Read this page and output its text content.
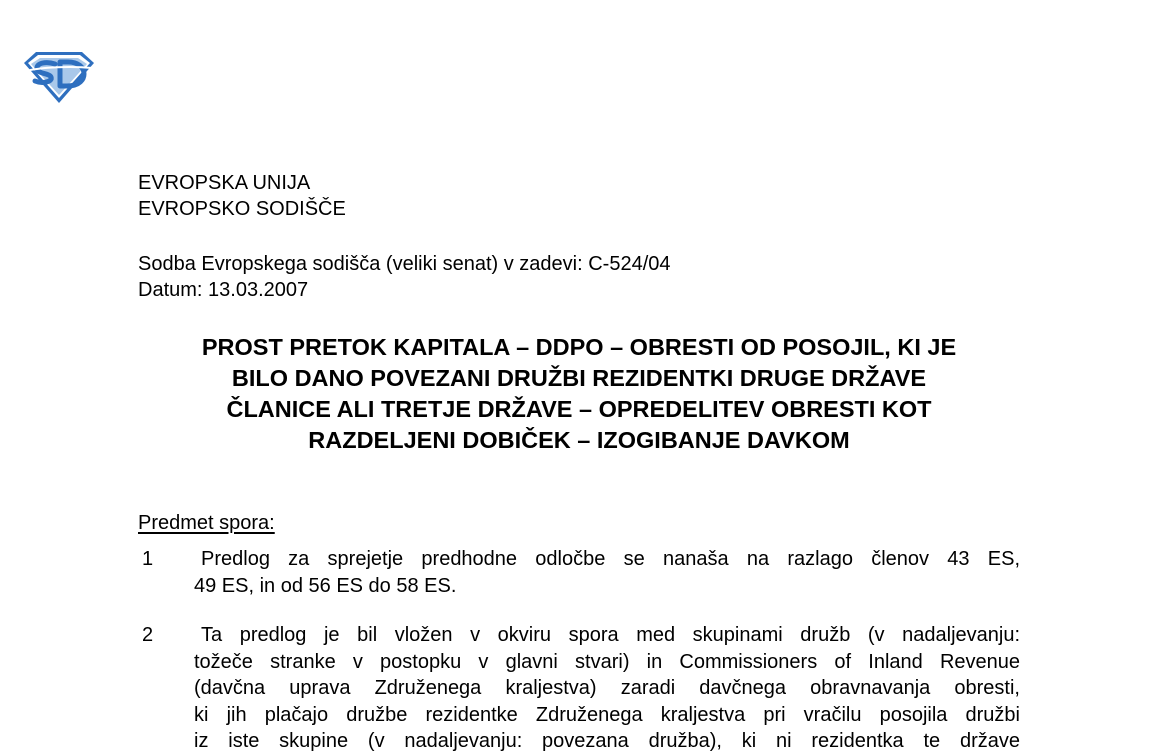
EVROPSKA UNIJA
EVROPSKO SODIŠČE
Sodba Evropskega sodišča (veliki senat) v zadevi: C-524/04
Datum: 13.03.2007
PROST PRETOK KAPITALA – DDPO – OBRESTI OD POSOJIL, KI JE
BILO DANO POVEZANI DRUŽBI REZIDENTKI DRUGE DRŽAVE
ČLANICE ALI TRETJE DRŽAVE – OPREDELITEV OBRESTI KOT
RAZDELJENI DOBIČEK – IZOGIBANJE DAVKOM
Predmet spora:
1	Predlog za sprejetje predhodne odločbe se nanaša na razlago členov 43 ES,
49 ES, in od 56 ES do 58 ES.
2	Ta predlog je bil vložen v okviru spora med skupinami družb (v nadaljevanju:
tožeče stranke v postopku v glavni stvari) in Commissioners of Inland Revenue
(davčna uprava Združenega kraljestva) zaradi davčnega obravnavanja obresti,
ki jih plačajo družbe rezidentke Združenega kraljestva pri vračilu posojila družbi
iz iste skupine (v nadaljevanju: povezana družba), ki ni rezidentka te države
